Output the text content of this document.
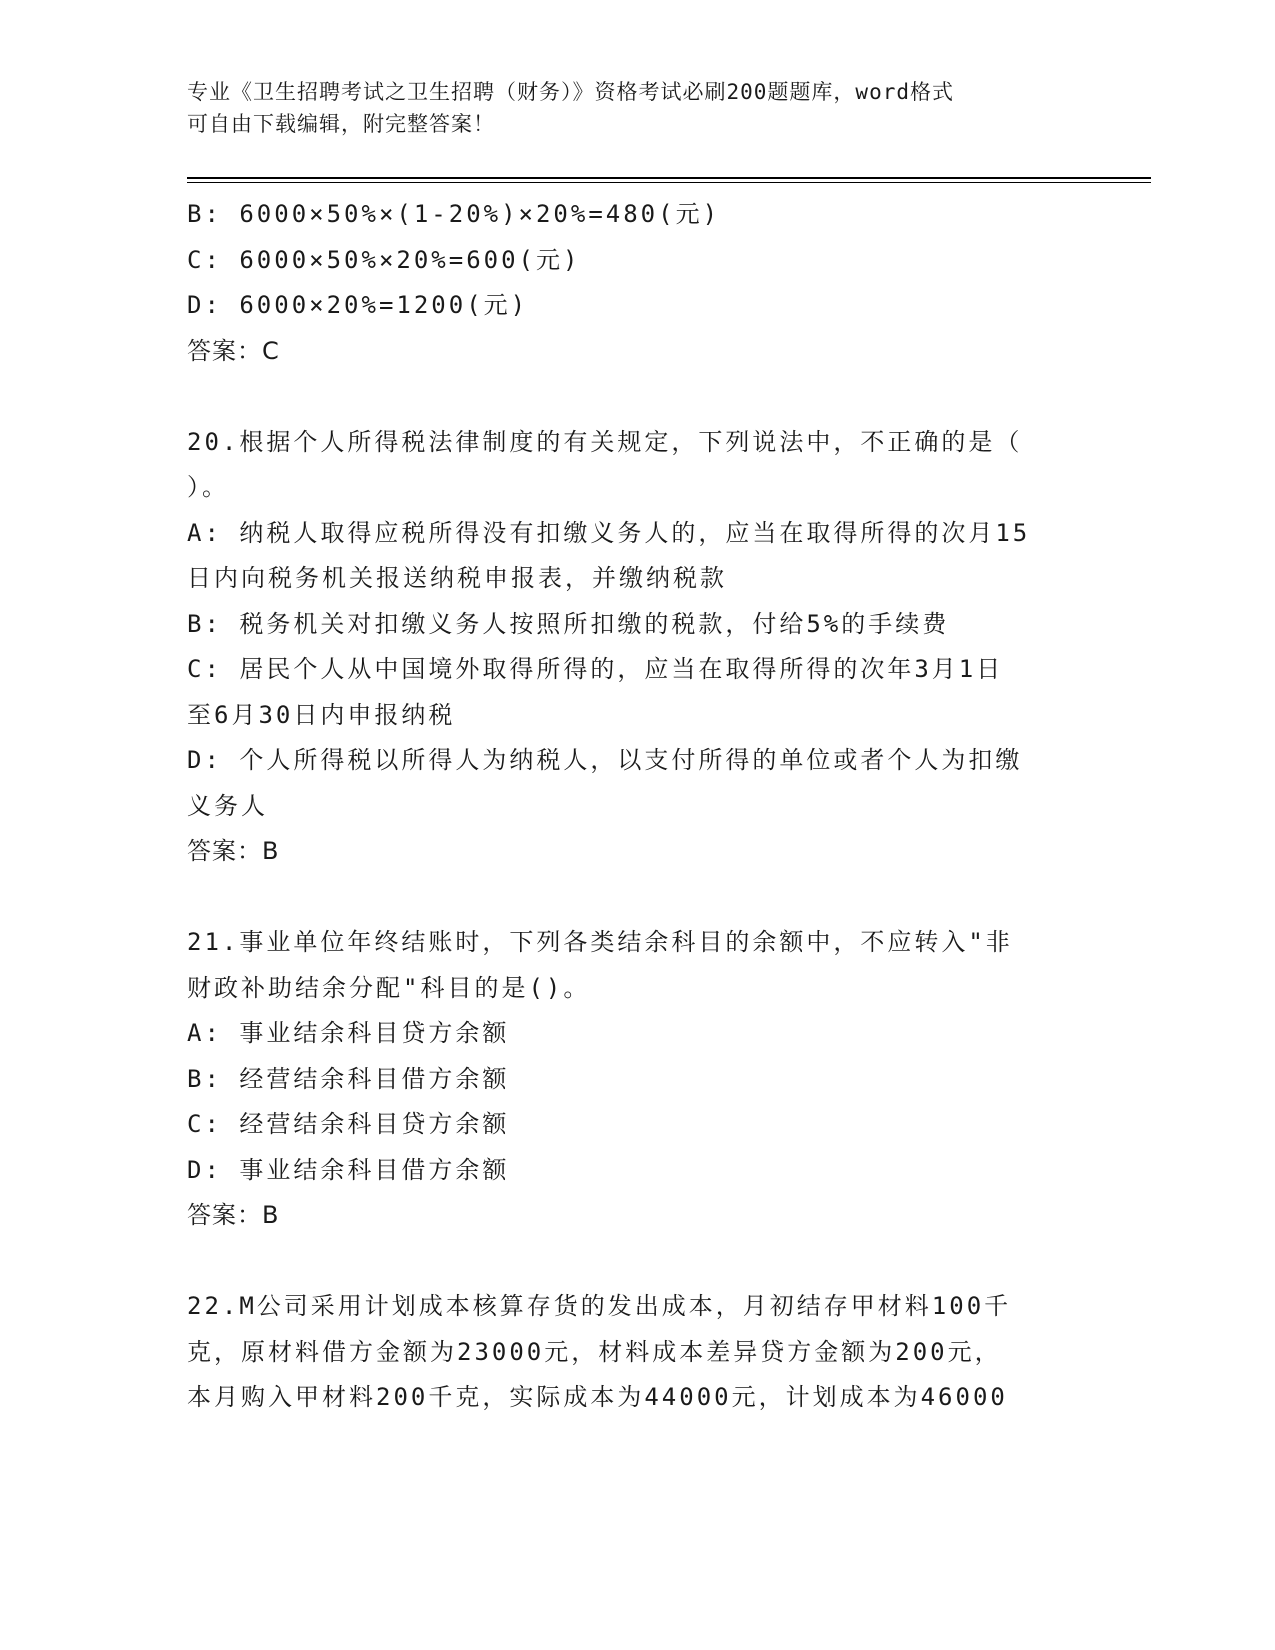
专业《卫生招聘考试之卫生招聘（财务）》资格考试必刷200题题库，word格式
可自由下载编辑，附完整答案！
B: 6000×50%×(1-20%)×20%=480(元)
C: 6000×50%×20%=600(元)
D: 6000×20%=1200(元)
答案：C
20.根据个人所得税法律制度的有关规定，下列说法中，不正确的是（
）。
A: 纳税人取得应税所得没有扣缴义务人的，应当在取得所得的次月15
日内向税务机关报送纳税申报表，并缴纳税款
B: 税务机关对扣缴义务人按照所扣缴的税款，付给5%的手续费
C: 居民个人从中国境外取得所得的，应当在取得所得的次年3月1日
至6月30日内申报纳税
D: 个人所得税以所得人为纳税人，以支付所得的单位或者个人为扣缴
义务人
答案：B
21.事业单位年终结账时，下列各类结余科目的余额中，不应转入"非
财政补助结余分配"科目的是()。
A: 事业结余科目贷方余额
B: 经营结余科目借方余额
C: 经营结余科目贷方余额
D: 事业结余科目借方余额
答案：B
22.M公司采用计划成本核算存货的发出成本，月初结存甲材料100千
克，原材料借方金额为23000元，材料成本差异贷方金额为200元，
本月购入甲材料200千克，实际成本为44000元，计划成本为46000
